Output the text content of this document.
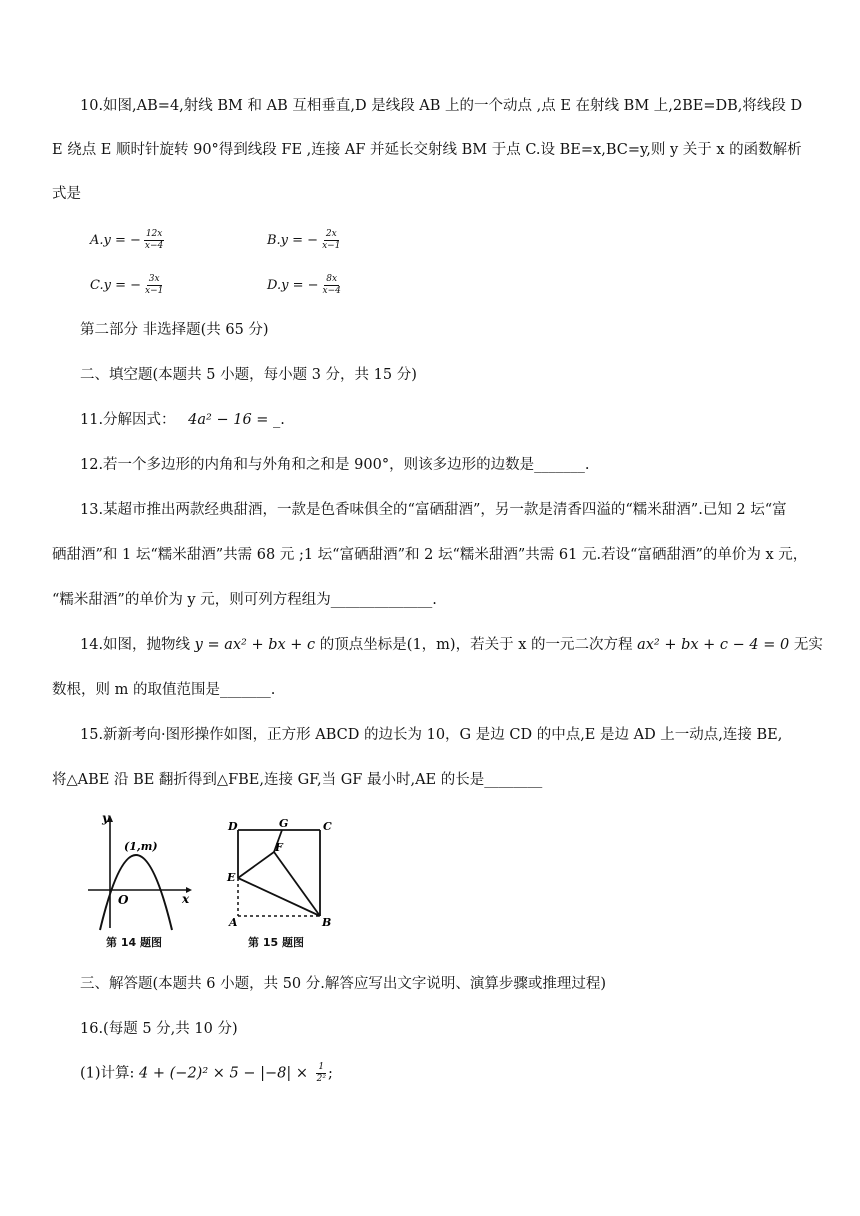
10.如图,AB=4,射线 BM 和 AB 互相垂直,D 是线段 AB 上的一个动点 ,点 E 在射线 BM 上,2BE=DB,将线段 D
E 绕点 E 顺时针旋转 90°得到线段 FE ,连接 AF 并延长交射线 BM 于点 C.设 BE=x,BC=y,则 y 关于 x 的函数解析
式是
A.y = − $\frac{12x}{x-4}$	B.y = − $\frac{2x}{x-1}$
C.y = − $\frac{3x}{x-1}$	D.y = − $\frac{8x}{x-4}$
第二部分 非选择题(共 65 分)
二、填空题(本题共 5 小题，每小题 3 分，共 15 分)
11.分解因式： 4a² − 16 = _.
12.若一个多边形的内角和与外角和之和是 900°，则该多边形的边数是_______.
13.某超市推出两款经典甜酒，一款是色香味俱全的“富硒甜酒”，另一款是清香四溢的“糯米甜酒”.已知 2 坛“富
硒甜酒”和 1 坛“糯米甜酒”共需 68 元 ;1 坛“富硒甜酒”和 2 坛“糯米甜酒”共需 61 元.若设“富硒甜酒”的单价为 x 元，
“糯米甜酒”的单价为 y 元，则可列方程组为______________.
14.如图，抛物线 y = ax² + bx + c 的顶点坐标是(1，m)，若关于 x 的一元二次方程 ax² + bx + c − 4 = 0 无实
数根，则 m 的取值范围是_______.
15.新新考向·图形操作如图，正方形 ABCD 的边长为 10，G 是边 CD 的中点,E 是边 AD 上一动点,连接 BE,
将△ABE 沿 BE 翻折得到△FBE,连接 GF,当 GF 最小时,AE 的长是________
y
x
O
(1,m)
第 14 题图
D	G	C
F
E
A	B
第 15 题图
三、解答题(本题共 6 小题，共 50 分.解答应写出文字说明、演算步骤或推理过程)
16.(每题 5 分,共 10 分)
(1)计算: $4 + (-2)^2 \times 5 - |-8| \times \frac{1}{\text{2²}}$ ;
